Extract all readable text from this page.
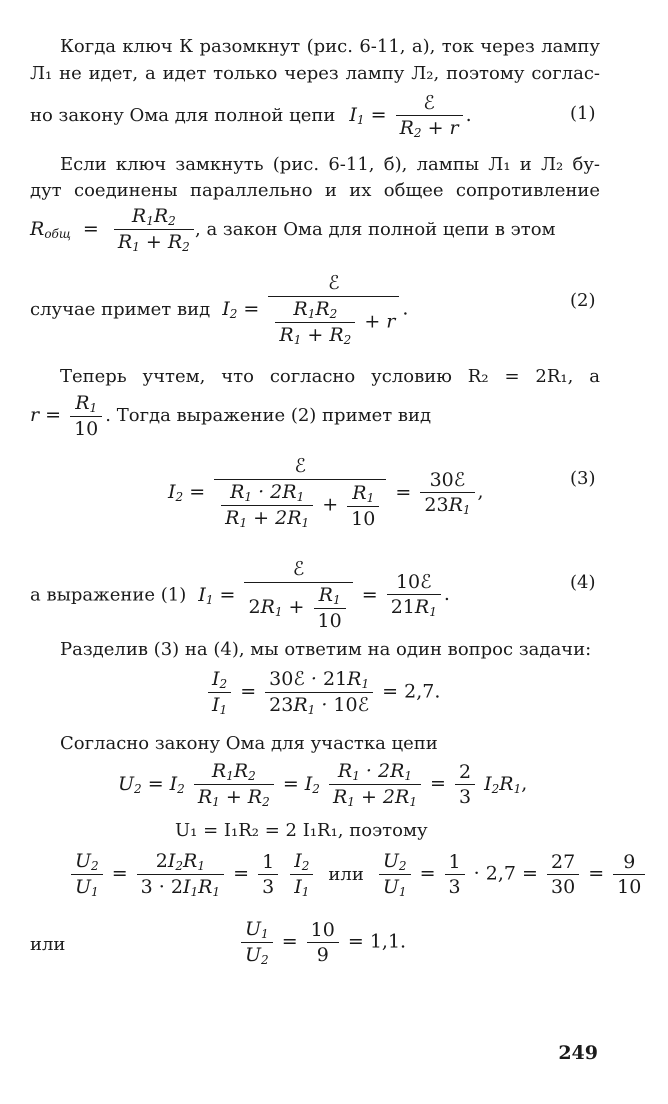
Когда ключ К разомкнут (рис. 6-11, а), ток через лампу
Л₁ не идет, а идет только через лампу Л₂, поэтому соглас-
но закону Ома для полной цепи $I_1 = \frac{\text{ℰ}}{R_2 + r}$ .	(1)
Если ключ замкнуть (рис. 6-11, б), лампы Л₁ и Л₂ бу-
дут соединены параллельно и их общее сопротивление
$R_{общ} = \frac{R_1R_2}{R_1 + R_2}$ , а закон Ома для полной цепи в этом
случае примет вид $I_2 = \frac{\text{ℰ}}{\frac{R_1R_2}{R_1 + R_2} + r}$ .	(2)
Теперь учтем, что согласно условию R₂ = 2R₁, а
$r = \frac{R_1}{10}$ . Тогда выражение (2) примет вид
$I_2 = \frac{\text{ℰ}}{\frac{R_1 \cdot 2R_1}{R_1 + 2R_1} + \frac{R_1}{10}} = \frac{\text{30ℰ}}{23R_1}$ ,
(3)
а выражение (1) $I_1 = \frac{\text{ℰ}}{2R_1 + \frac{R_1}{10}} = \frac{\text{10ℰ}}{21R_1}$ .
(4)
Разделив (3) на (4), мы ответим на один вопрос задачи:
$\frac{I_2}{I_1} = \frac{30ℰ \cdot 21R_1}{23R_1 \cdot 10ℰ} = 2,7$.
Согласно закону Ома для участка цепи
$U_2 = I_2 \frac{R_1R_2}{R_1 + R_2} = I_2 \frac{R_1 \cdot 2R_1}{R_1 + 2R_1} = \frac{2}{3} I_2R_1$,
U₁ = I₁R₂ = 2 I₁R₁, поэтому
$\frac{U_2}{U_1} = \frac{2I_2R_1}{3 \cdot 2I_1R_1} = \frac{1}{3}$
$\frac{I_2}{I_1}$ или $\frac{U_2}{U_1} = \frac{1}{3} \cdot 2,7 = \frac{27}{30} = \frac{9}{10}$
или	$\frac{U_1}{U_2} = \frac{10}{9} = 1,1$.
249
